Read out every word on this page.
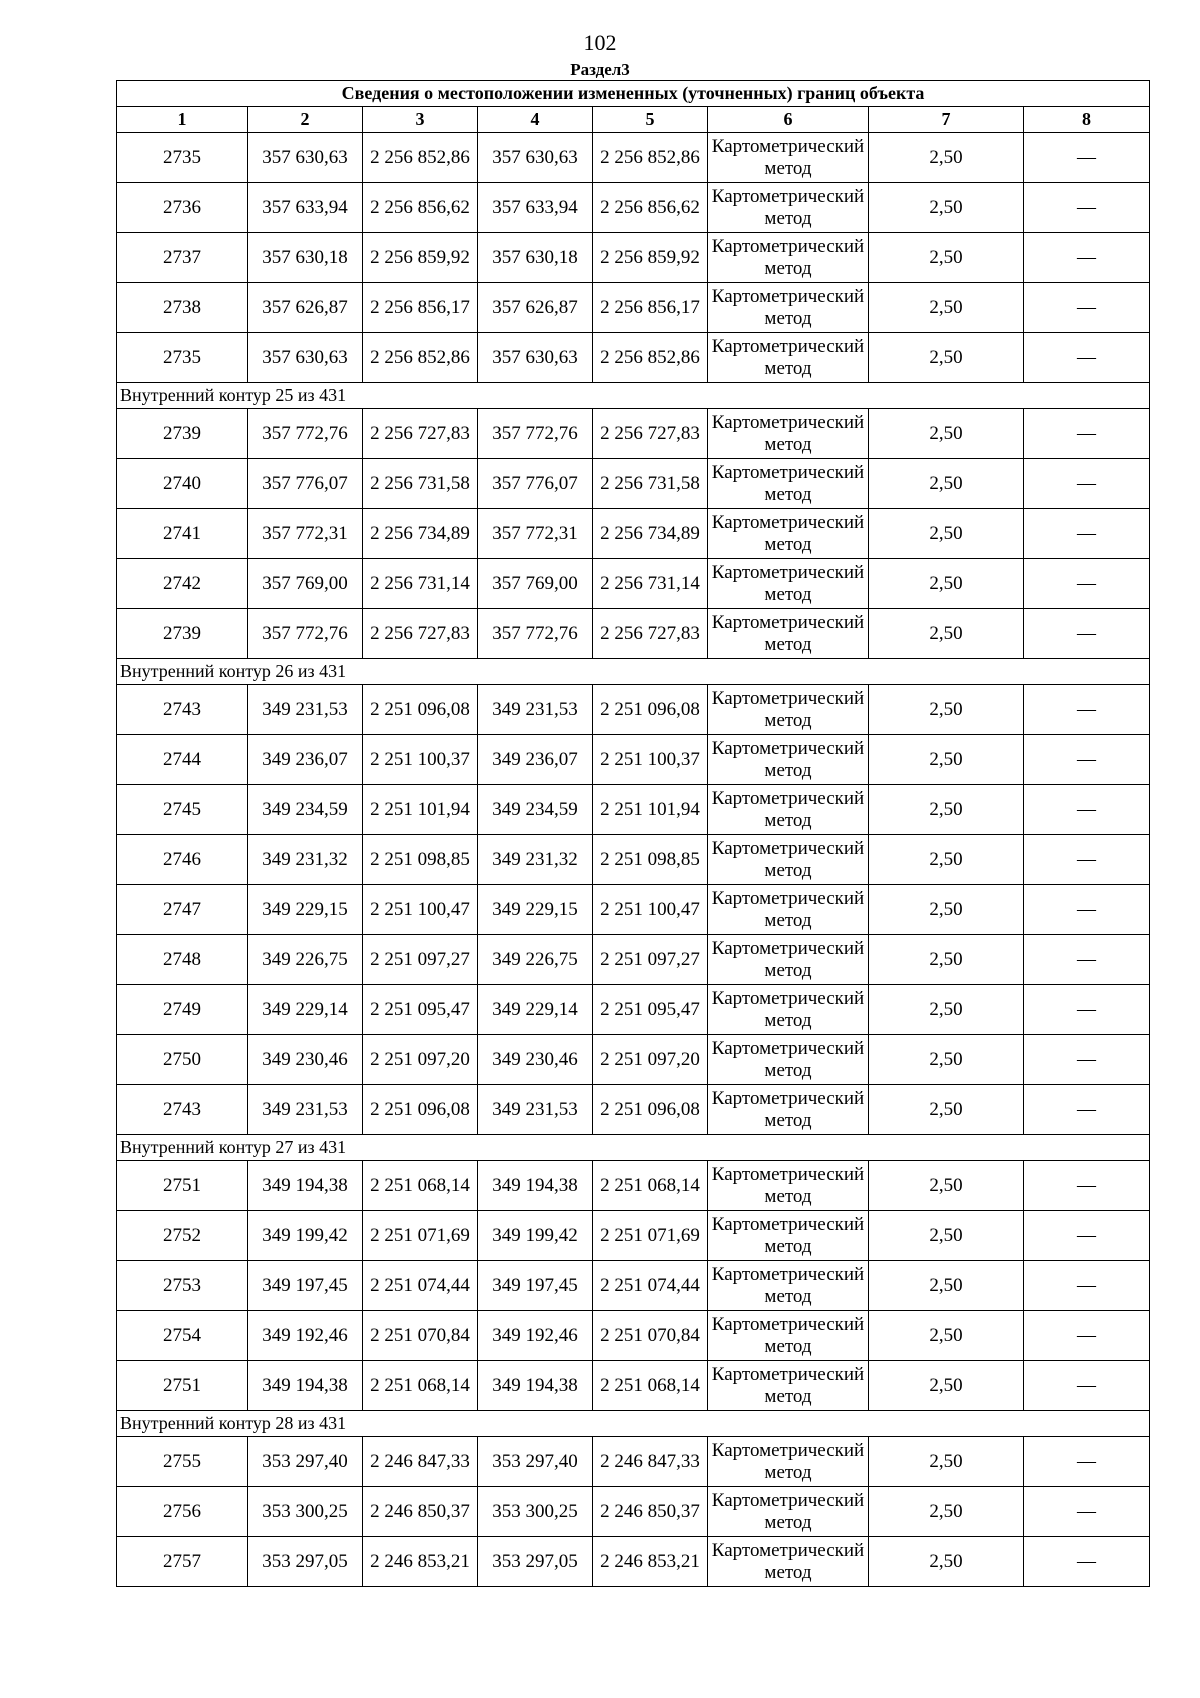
102
Раздел3
Сведения о местоположении измененных (уточненных) границ объекта							
1	2	3	4	5	6	7	8
2735	357 630,63	2 256 852,86	357 630,63	2 256 852,86	Картометрический метод	2,50	—
2736	357 633,94	2 256 856,62	357 633,94	2 256 856,62	Картометрический метод	2,50	—
2737	357 630,18	2 256 859,92	357 630,18	2 256 859,92	Картометрический метод	2,50	—
2738	357 626,87	2 256 856,17	357 626,87	2 256 856,17	Картометрический метод	2,50	—
2735	357 630,63	2 256 852,86	357 630,63	2 256 852,86	Картометрический метод	2,50	—
Внутренний контур 25 из 431							
2739	357 772,76	2 256 727,83	357 772,76	2 256 727,83	Картометрический метод	2,50	—
2740	357 776,07	2 256 731,58	357 776,07	2 256 731,58	Картометрический метод	2,50	—
2741	357 772,31	2 256 734,89	357 772,31	2 256 734,89	Картометрический метод	2,50	—
2742	357 769,00	2 256 731,14	357 769,00	2 256 731,14	Картометрический метод	2,50	—
2739	357 772,76	2 256 727,83	357 772,76	2 256 727,83	Картометрический метод	2,50	—
Внутренний контур 26 из 431							
2743	349 231,53	2 251 096,08	349 231,53	2 251 096,08	Картометрический метод	2,50	—
2744	349 236,07	2 251 100,37	349 236,07	2 251 100,37	Картометрический метод	2,50	—
2745	349 234,59	2 251 101,94	349 234,59	2 251 101,94	Картометрический метод	2,50	—
2746	349 231,32	2 251 098,85	349 231,32	2 251 098,85	Картометрический метод	2,50	—
2747	349 229,15	2 251 100,47	349 229,15	2 251 100,47	Картометрический метод	2,50	—
2748	349 226,75	2 251 097,27	349 226,75	2 251 097,27	Картометрический метод	2,50	—
2749	349 229,14	2 251 095,47	349 229,14	2 251 095,47	Картометрический метод	2,50	—
2750	349 230,46	2 251 097,20	349 230,46	2 251 097,20	Картометрический метод	2,50	—
2743	349 231,53	2 251 096,08	349 231,53	2 251 096,08	Картометрический метод	2,50	—
Внутренний контур 27 из 431							
2751	349 194,38	2 251 068,14	349 194,38	2 251 068,14	Картометрический метод	2,50	—
2752	349 199,42	2 251 071,69	349 199,42	2 251 071,69	Картометрический метод	2,50	—
2753	349 197,45	2 251 074,44	349 197,45	2 251 074,44	Картометрический метод	2,50	—
2754	349 192,46	2 251 070,84	349 192,46	2 251 070,84	Картометрический метод	2,50	—
2751	349 194,38	2 251 068,14	349 194,38	2 251 068,14	Картометрический метод	2,50	—
Внутренний контур 28 из 431							
2755	353 297,40	2 246 847,33	353 297,40	2 246 847,33	Картометрический метод	2,50	—
2756	353 300,25	2 246 850,37	353 300,25	2 246 850,37	Картометрический метод	2,50	—
2757	353 297,05	2 246 853,21	353 297,05	2 246 853,21	Картометрический метод	2,50	—
